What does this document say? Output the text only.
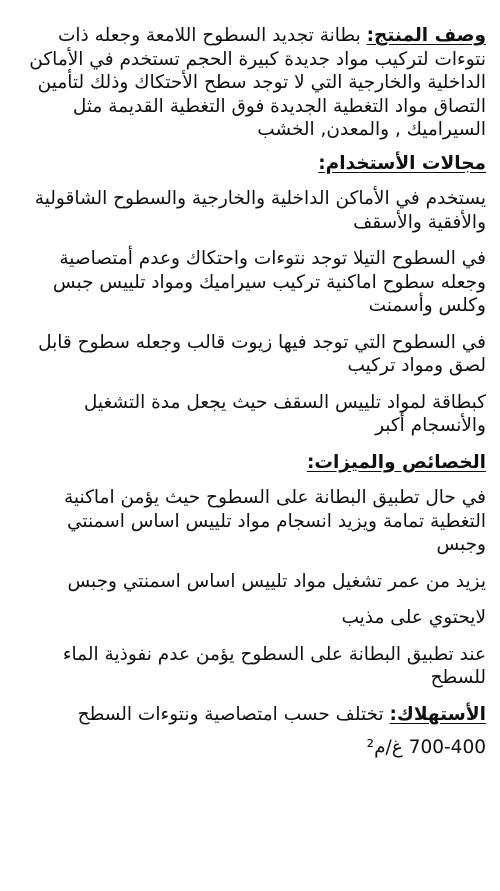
وصف المنتج: بطانة تجديد السطوح اللامعة وجعله ذات نتوءات لتركيب مواد جديدة كبيرة الحجم تستخدم في الأماكن الداخلية والخارجية التي لا توجد سطح الأحتكاك وذلك لتأمين التصاق مواد التغطية الجديدة فوق التغطية القديمة مثل السيراميك , والمعدن, الخشب

مجالات الأستخدام:

يستخدم في الأماكن الداخلية والخارجية والسطوح الشاقولية والأفقية والأسقف

في السطوح التيلا توجد نتوءات واحتكاك وعدم أمتصاصية وجعله سطوح اماكنية تركيب سيراميك ومواد تلييس جبس وكلس وأسمنت

في السطوح التي توجد فيها زيوت قالب وجعله سطوح قابل لصق ومواد تركيب

كبطاقة لمواد تلييس السقف حيث يجعل مدة التشغيل والأنسجام أكبر

الخصائص والميزات:

في حال تطبيق البطانة على السطوح حيث يؤمن اماكنية التغطية تمامة ويزيد انسجام مواد تلييس اساس اسمنتي وجبس

يزيد من عمر تشغيل مواد تلييس اساس اسمنتي وجبس

لايحتوي على مذيب

عند تطبيق البطانة على السطوح يؤمن عدم نفوذية الماء للسطح

الأستهلاك: تختلف حسب امتصاصية ونتوءات السطح

700-400 غ/م²
